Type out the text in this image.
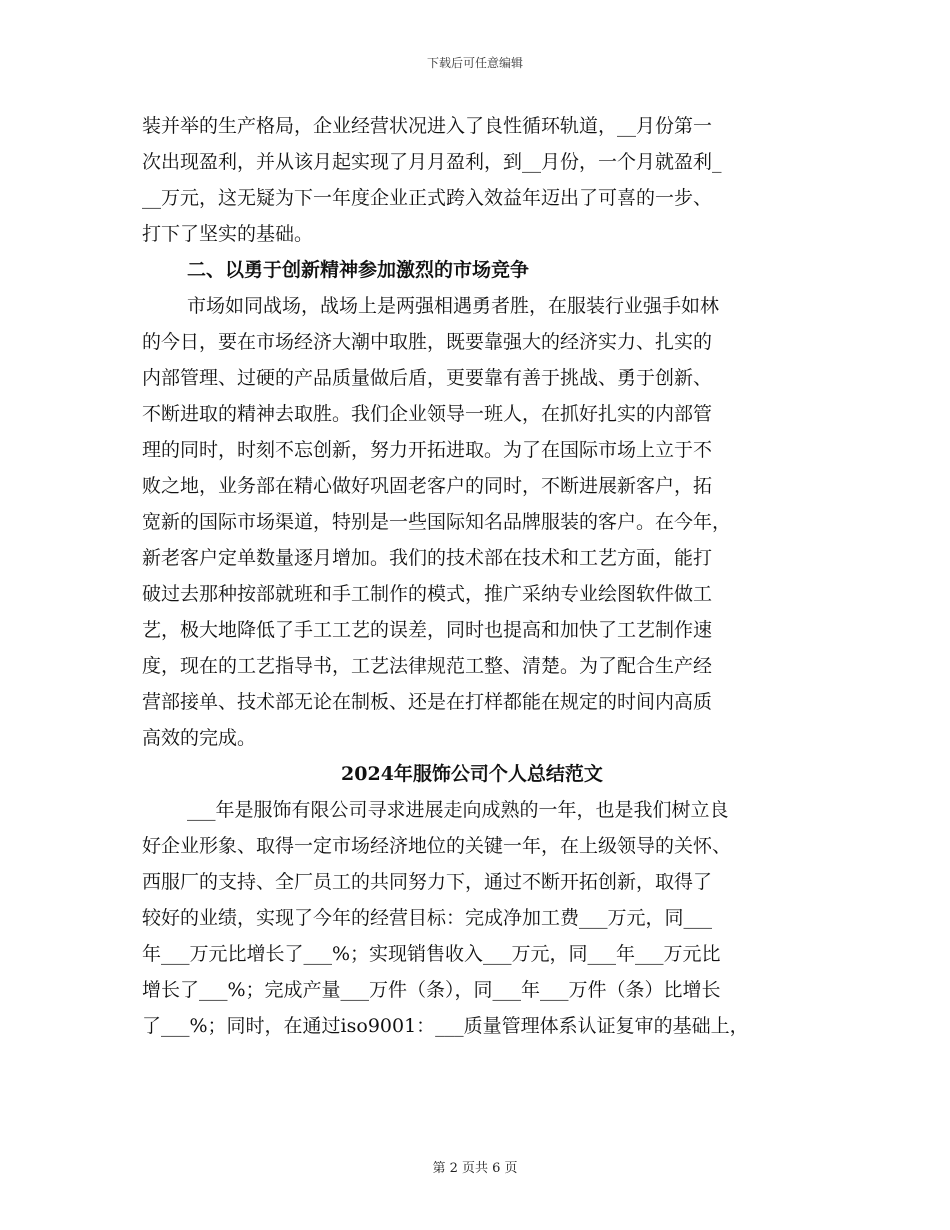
下载后可任意编辑
装并举的生产格局，企业经营状况进入了良性循环轨道，__月份第一
次出现盈利，并从该月起实现了月月盈利，到__月份，一个月就盈利_
__万元，这无疑为下一年度企业正式跨入效益年迈出了可喜的一步、
打下了坚实的基础。
二、以勇于创新精神参加激烈的市场竞争
市场如同战场，战场上是两强相遇勇者胜，在服装行业强手如林
的今日，要在市场经济大潮中取胜，既要靠强大的经济实力、扎实的
内部管理、过硬的产品质量做后盾，更要靠有善于挑战、勇于创新、
不断进取的精神去取胜。我们企业领导一班人，在抓好扎实的内部管
理的同时，时刻不忘创新，努力开拓进取。为了在国际市场上立于不
败之地，业务部在精心做好巩固老客户的同时，不断进展新客户，拓
宽新的国际市场渠道，特别是一些国际知名品牌服装的客户。在今年，
新老客户定单数量逐月增加。我们的技术部在技术和工艺方面，能打
破过去那种按部就班和手工制作的模式，推广采纳专业绘图软件做工
艺，极大地降低了手工工艺的误差，同时也提高和加快了工艺制作速
度，现在的工艺指导书，工艺法律规范工整、清楚。为了配合生产经
营部接单、技术部无论在制板、还是在打样都能在规定的时间内高质
高效的完成。
2024年服饰公司个人总结范文
___年是服饰有限公司寻求进展走向成熟的一年，也是我们树立良
好企业形象、取得一定市场经济地位的关键一年，在上级领导的关怀、
西服厂的支持、全厂员工的共同努力下，通过不断开拓创新，取得了
较好的业绩，实现了今年的经营目标：完成净加工费___万元，同___
年___万元比增长了___%；实现销售收入___万元，同___年___万元比
增长了___%；完成产量___万件（条），同___年___万件（条）比增长
了___%；同时，在通过iso9001：___质量管理体系认证复审的基础上，
第 2 页共 6 页
